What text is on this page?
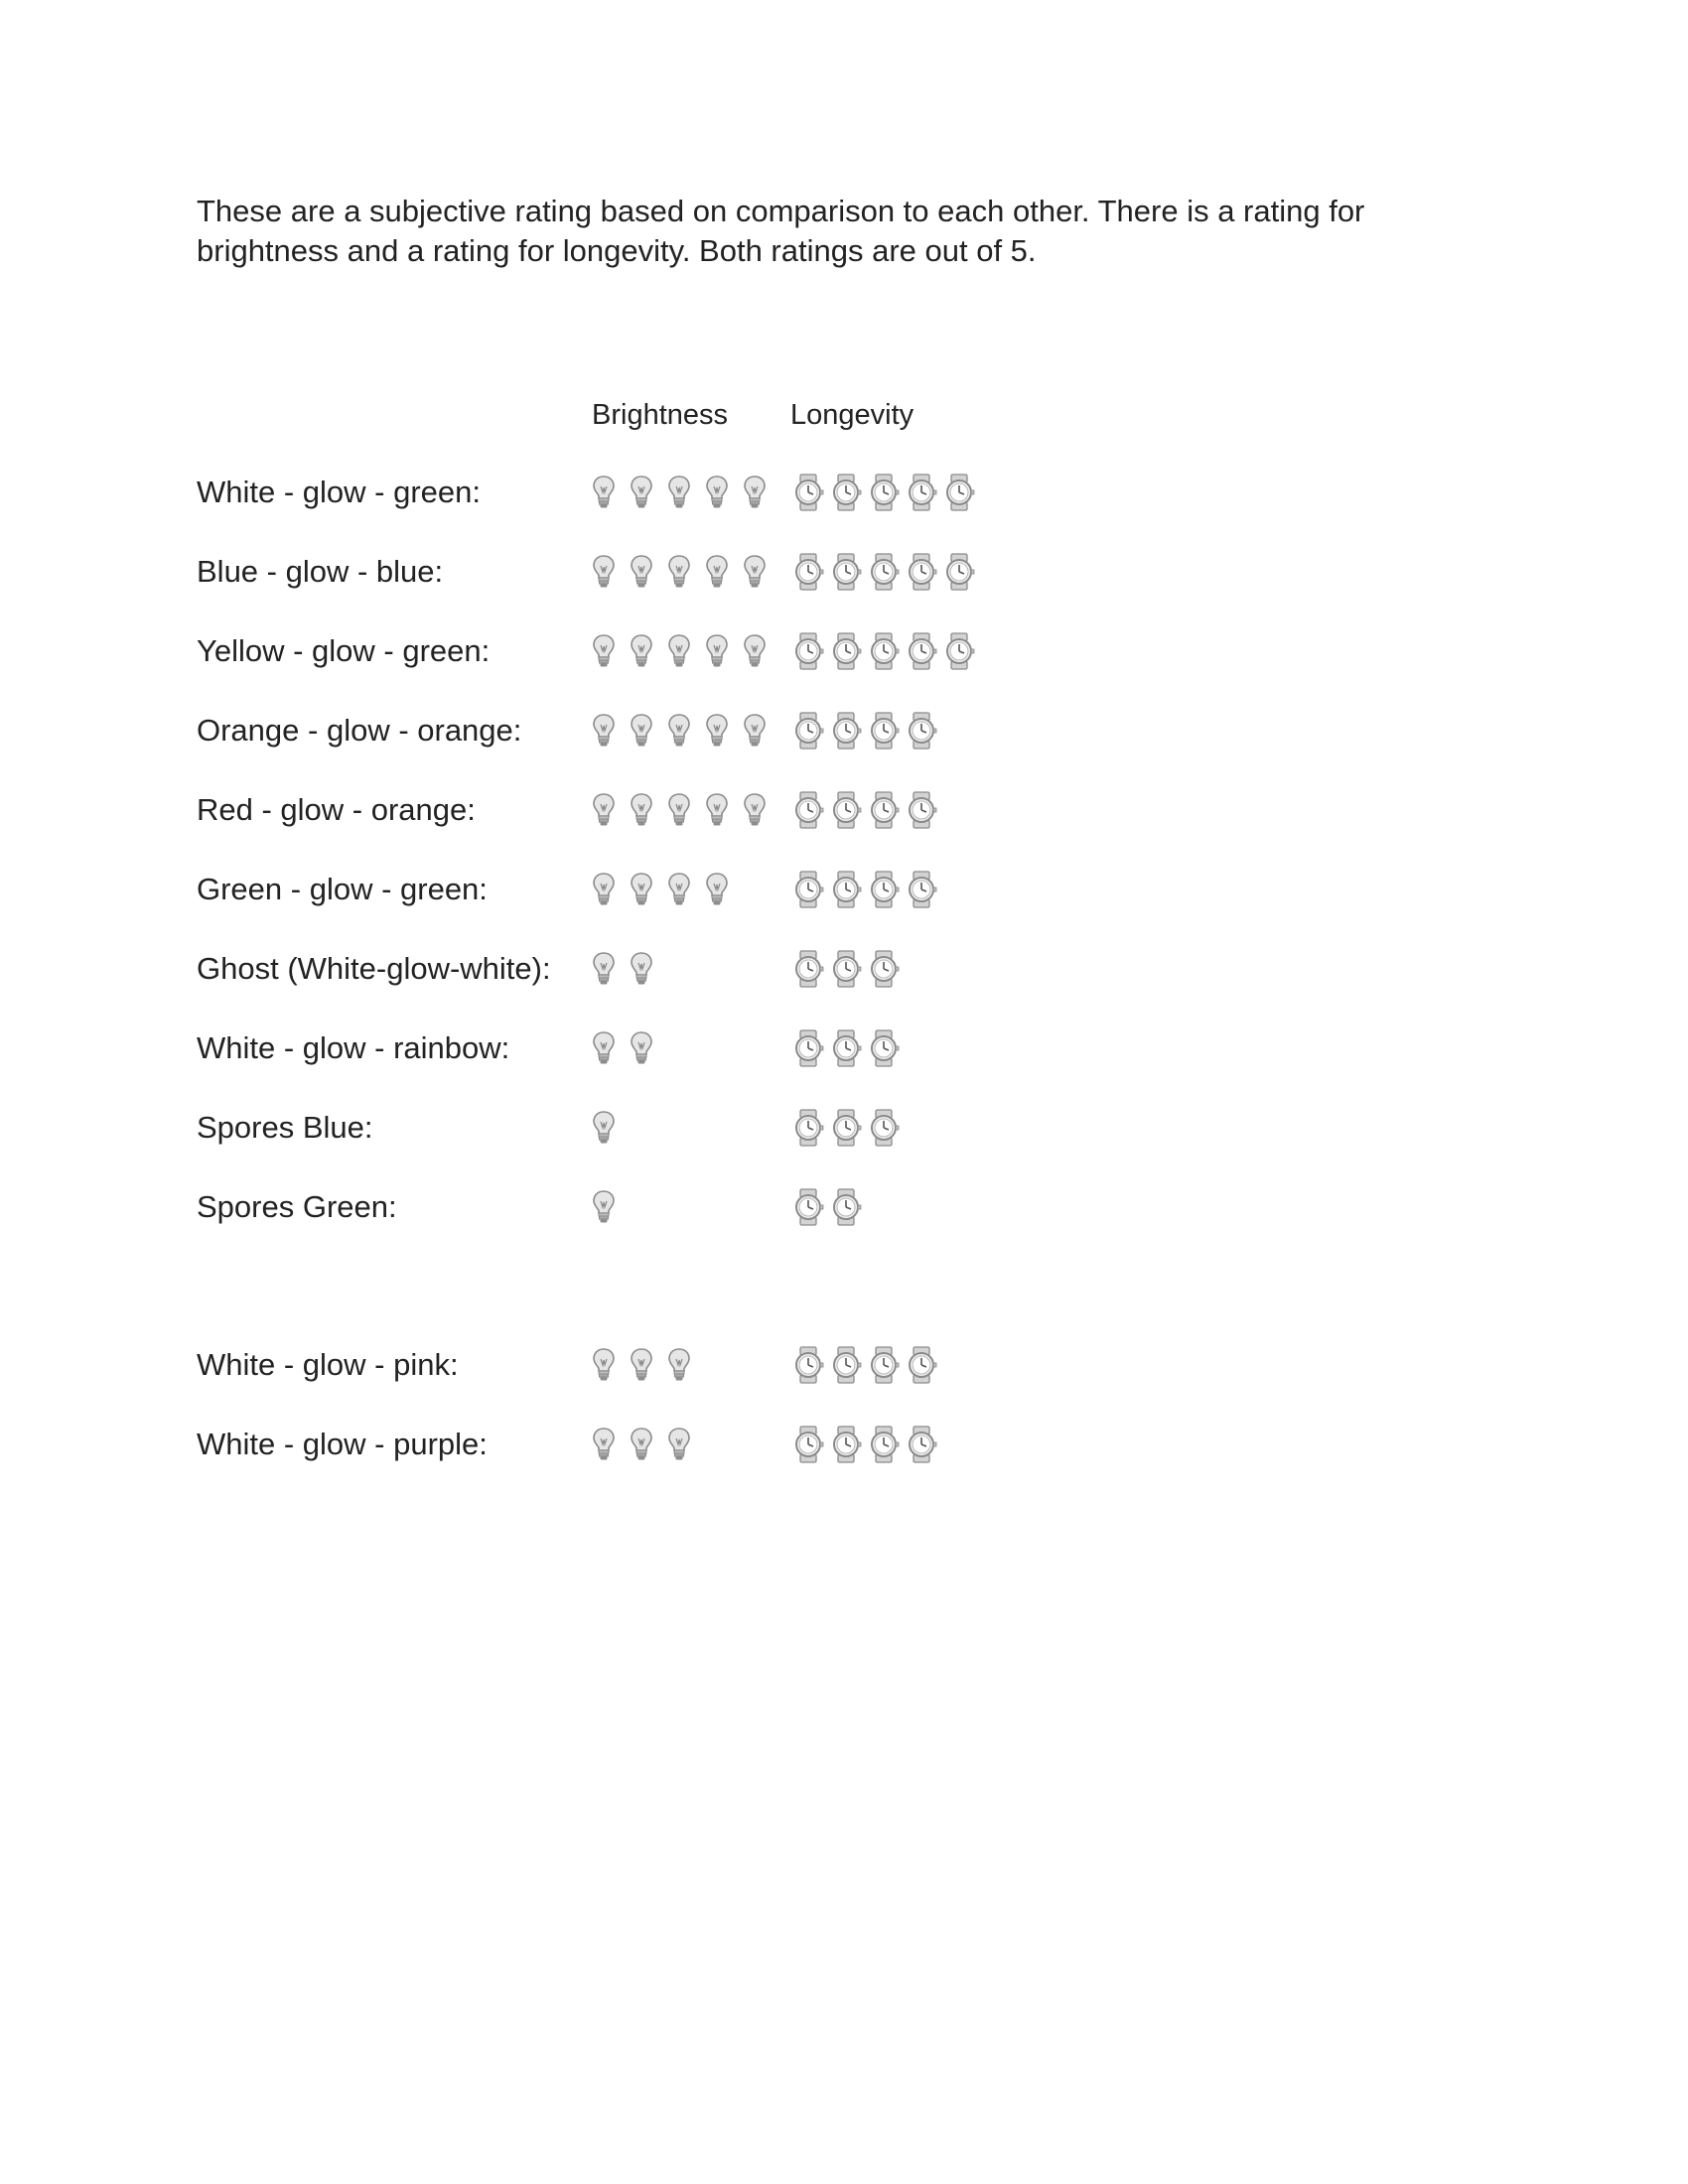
These are a subjective rating based on comparison to each other. There is a rating for
brightness and a rating for longevity. Both ratings are out of 5.

Brightness Longevity

White - glow - green:
Blue - glow - blue:
Yellow - glow - green:
Orange - glow - orange:
Red - glow - orange:
Green - glow - green:
Ghost (White-glow-white):
White - glow - rainbow:
Spores Blue:
Spores Green:
White - glow - pink:
White - glow - purple:
